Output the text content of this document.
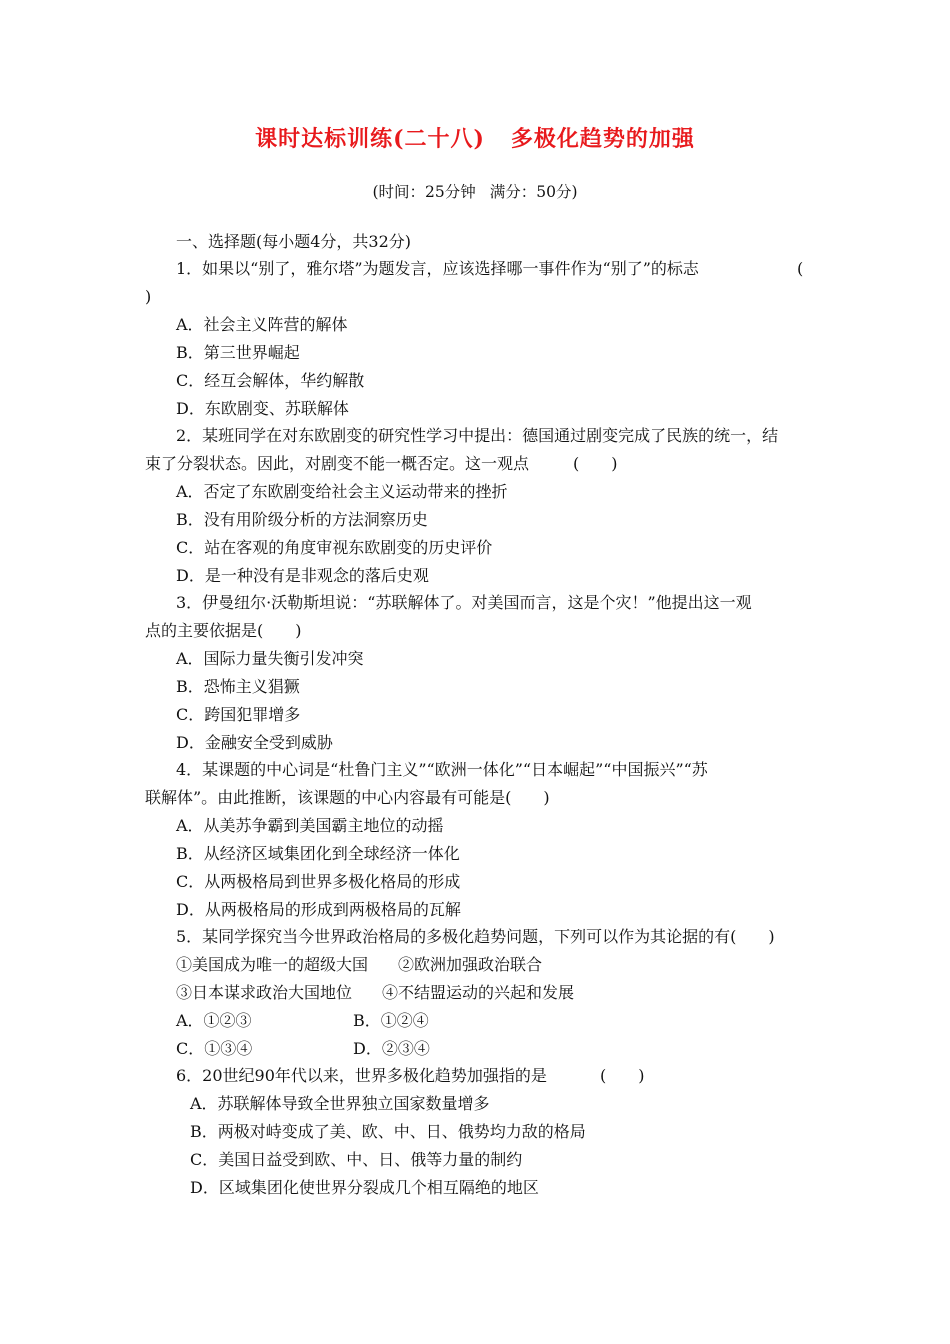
课时达标训练(二十八) 多极化趋势的加强
(时间：25分钟 满分：50分)
一、选择题(每小题4分，共32分)
1．如果以“别了，雅尔塔”为题发言，应该选择哪一事件作为“别了”的标志	(
)
A．社会主义阵营的解体
B．第三世界崛起
C．经互会解体，华约解散
D．东欧剧变、苏联解体
2．某班同学在对东欧剧变的研究性学习中提出：德国通过剧变完成了民族的统一，结
束了分裂状态。因此，对剧变不能一概否定。这一观点	(　　)
A．否定了东欧剧变给社会主义运动带来的挫折
B．没有用阶级分析的方法洞察历史
C．站在客观的角度审视东欧剧变的历史评价
D．是一种没有是非观念的落后史观
3．伊曼纽尔·沃勒斯坦说：“苏联解体了。对美国而言，这是个灾！”他提出这一观
点的主要依据是(　　)
A．国际力量失衡引发冲突
B．恐怖主义猖獗
C．跨国犯罪增多
D．金融安全受到威胁
4．某课题的中心词是“杜鲁门主义”“欧洲一体化”“日本崛起”“中国振兴”“苏
联解体”。由此推断，该课题的中心内容最有可能是(　　)
A．从美苏争霸到美国霸主地位的动摇
B．从经济区域集团化到全球经济一体化
C．从两极格局到世界多极化格局的形成
D．从两极格局的形成到两极格局的瓦解
5．某同学探究当今世界政治格局的多极化趋势问题，下列可以作为其论据的有(　　)
①美国成为唯一的超级大国 ②欧洲加强政治联合
③日本谋求政治大国地位 ④不结盟运动的兴起和发展
A．①②③	B．①②④
C．①③④	D．②③④
6．20世纪90年代以来，世界多极化趋势加强指的是	(　　)
A．苏联解体导致全世界独立国家数量增多
B．两极对峙变成了美、欧、中、日、俄势均力敌的格局
C．美国日益受到欧、中、日、俄等力量的制约
D．区域集团化使世界分裂成几个相互隔绝的地区
